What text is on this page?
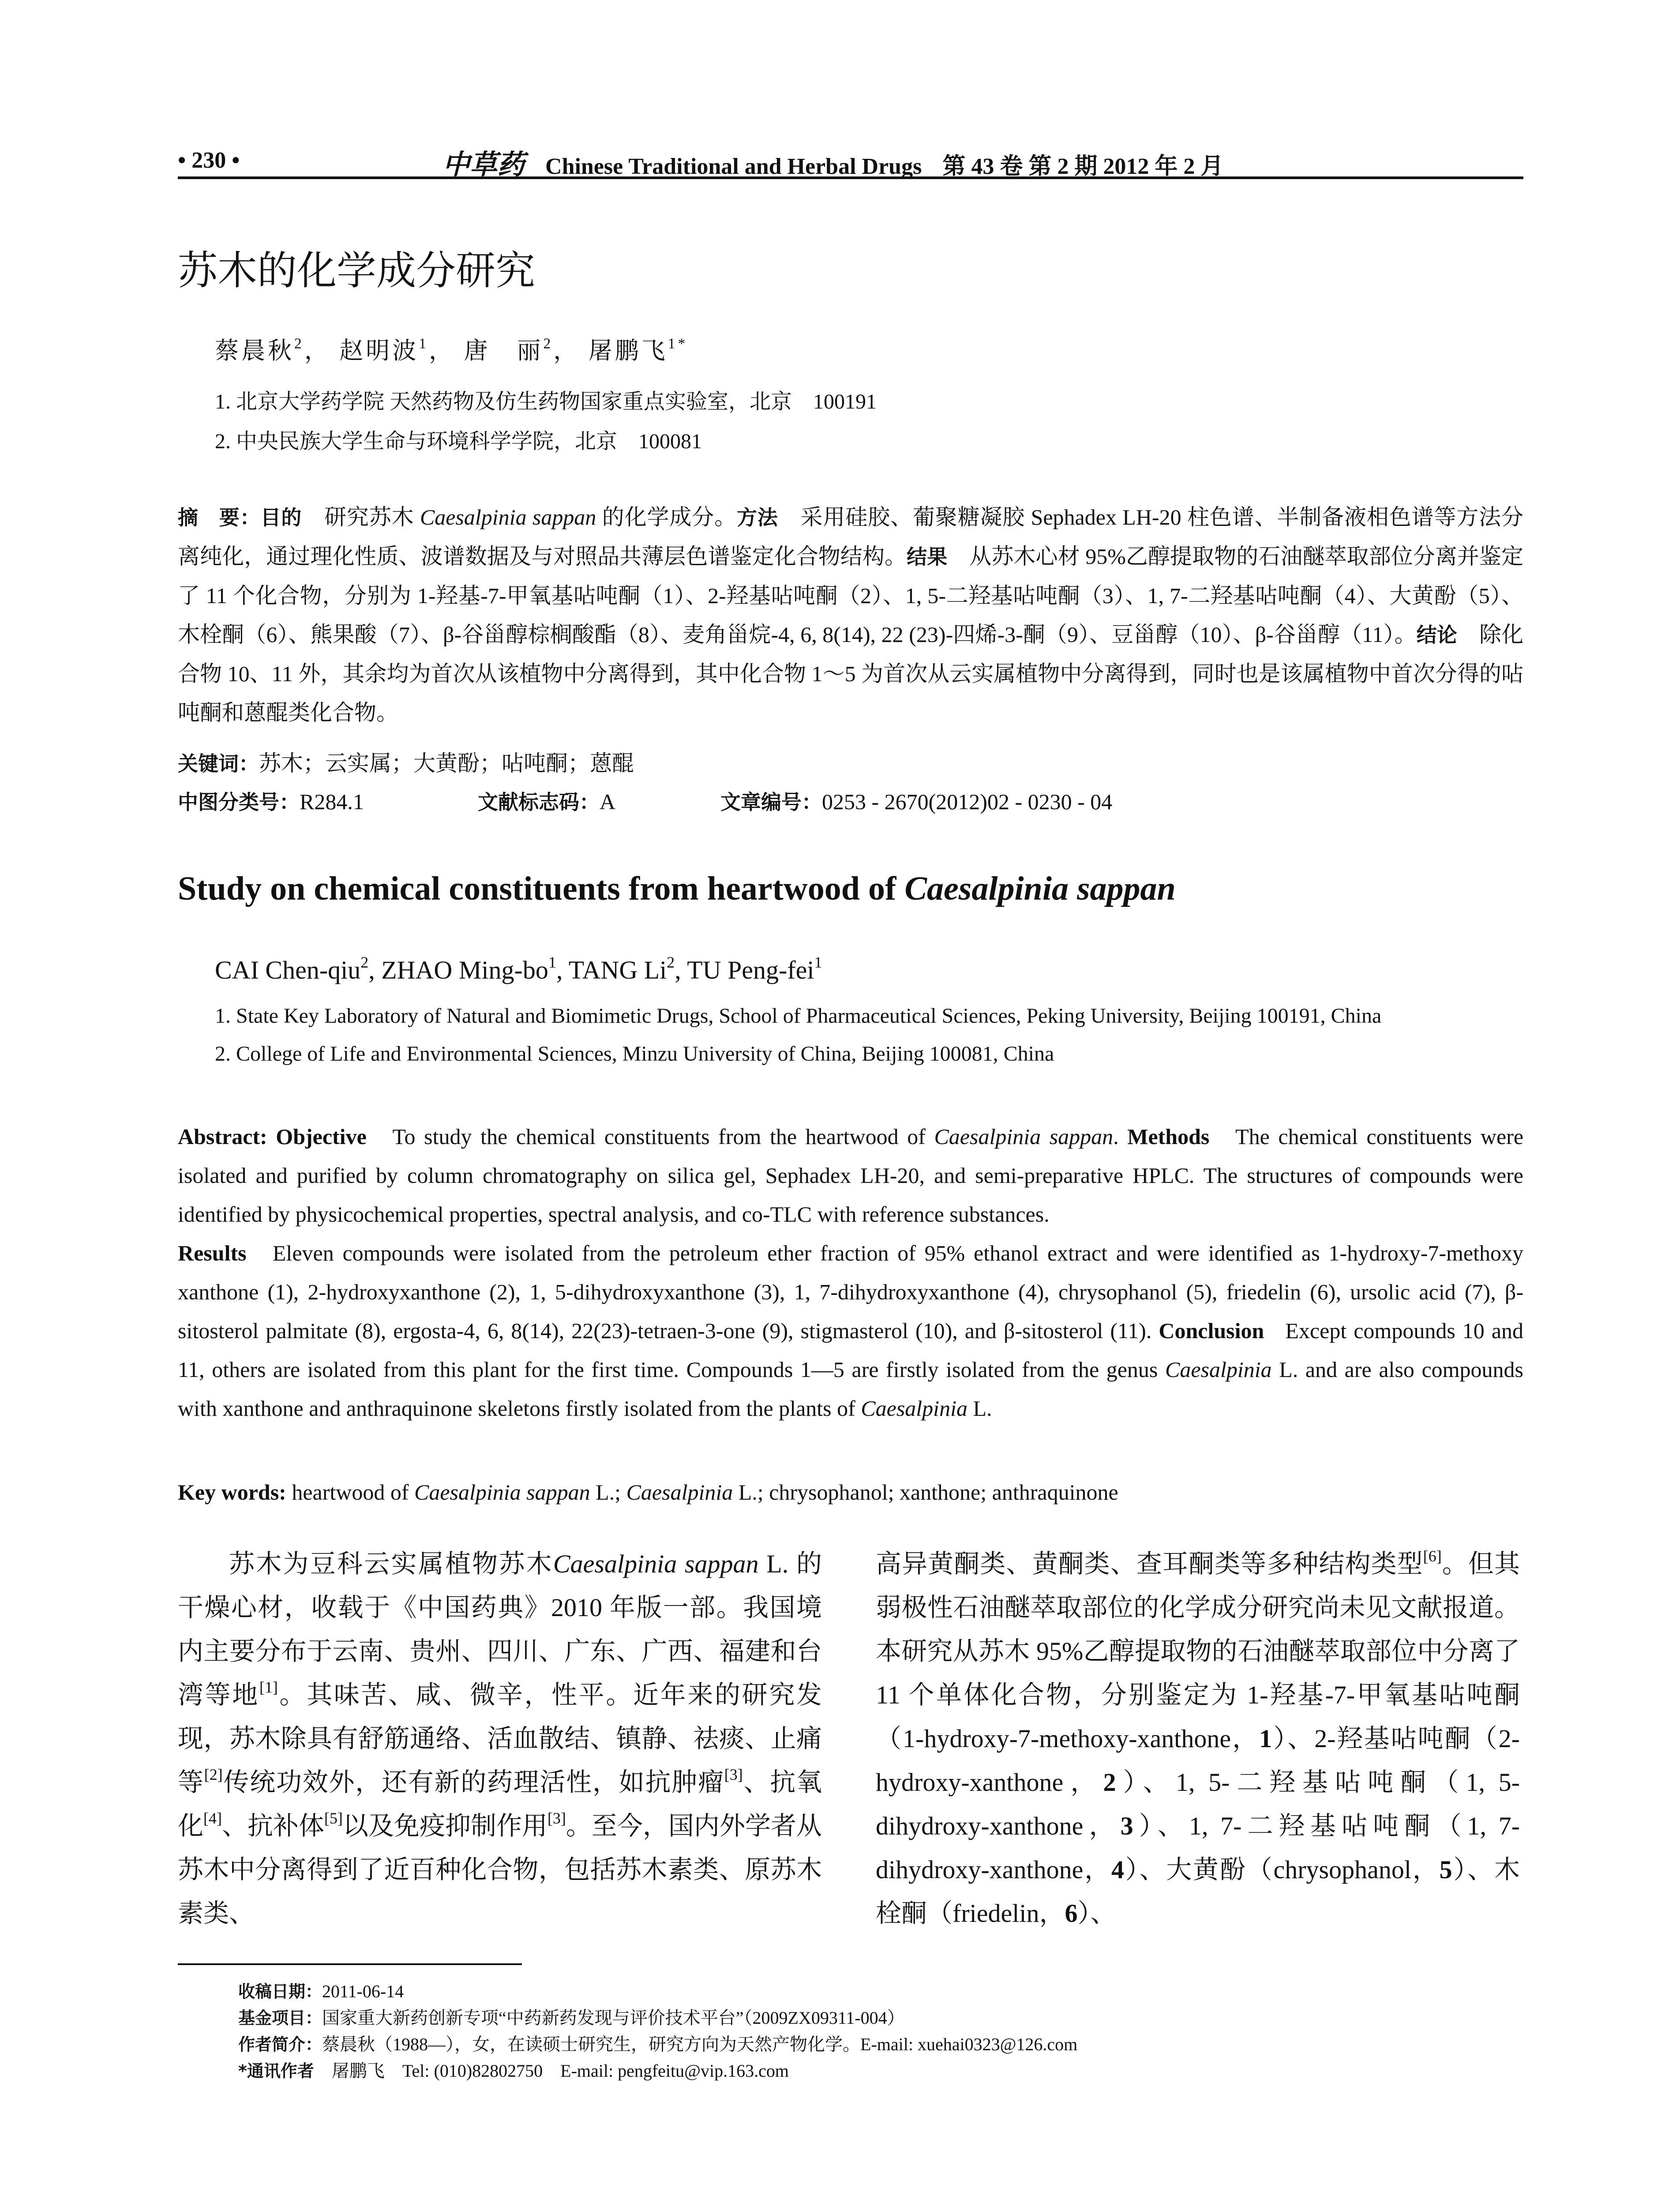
• 230 •	中草药 Chinese Traditional and Herbal Drugs 第 43 卷 第 2 期 2012 年 2 月
苏木的化学成分研究
蔡晨秋$^2$， 赵明波$^1$， 唐　丽$^2$， 屠鹏飞$^{1*}$
1. 北京大学药学院 天然药物及仿生药物国家重点实验室，北京　100191
2. 中央民族大学生命与环境科学学院，北京　100081
摘　要：目的　研究苏木 Caesalpinia sappan 的化学成分。方法　采用硅胶、葡聚糖凝胶 Sephadex LH-20 柱色谱、半制备液相色谱等方法分离纯化，通过理化性质、波谱数据及与对照品共薄层色谱鉴定化合物结构。结果　从苏木心材 95%乙醇提取物的石油醚萃取部位分离并鉴定了 11 个化合物，分别为 1-羟基-7-甲氧基呫吨酮（1）、2-羟基呫吨酮（2）、1, 5-二羟基呫吨酮（3）、1, 7-二羟基呫吨酮（4）、大黄酚（5）、木栓酮（6）、熊果酸（7）、β-谷甾醇棕榈酸酯（8）、麦角甾烷-4, 6, 8(14), 22 (23)-四烯-3-酮（9）、豆甾醇（10）、β-谷甾醇（11）。结论　除化合物 10、11 外，其余均为首次从该植物中分离得到，其中化合物 1～5 为首次从云实属植物中分离得到，同时也是该属植物中首次分得的呫吨酮和蒽醌类化合物。
关键词：苏木；云实属；大黄酚；呫吨酮；蒽醌
中图分类号：R284.1	文献标志码：A	文章编号：0253 - 2670(2012)02 - 0230 - 04
Study on chemical constituents from heartwood of Caesalpinia sappan
CAI Chen-qiu$^2$, ZHAO Ming-$bo^1$, TANG Li$^2$, TU Peng-fei$^1$
1. State Key Laboratory of Natural and Biomimetic Drugs, School of Pharmaceutical Sciences, Peking University, Beijing 100191, China
2. College of Life and Environmental Sciences, Minzu University of China, Beijing 100081, China
Abstract: Objective To study the chemical constituents from the heartwood of Caesalpinia sappan. Methods The chemical constituents were isolated and purified by column chromatography on silica gel, Sephadex LH-20, and semi-preparative HPLC. The structures of compounds were identified by physicochemical properties, spectral analysis, and co-TLC with reference substances.
Results Eleven compounds were isolated from the petroleum ether fraction of 95% ethanol extract and were identified as 1-hydroxy-7-methoxy xanthone (1), 2-hydroxyxanthone (2), 1, 5-dihydroxyxanthone (3), 1, 7-dihydroxyxanthone (4), chrysophanol (5), friedelin (6), ursolic acid (7), β-sitosterol palmitate (8), ergosta-4, 6, 8(14), 22(23)-tetraen-3-one (9), stigmasterol (10), and β-sitosterol (11). Conclusion Except compounds 10 and 11, others are isolated from this plant for the first time. Compounds 1—5 are firstly isolated from the genus Caesalpinia L. and are also compounds with xanthone and anthraquinone skeletons firstly isolated from the plants of Caesalpinia L.
Key words: heartwood of Caesalpinia sappan L.; Caesalpinia L.; chrysophanol; xanthone; anthraquinone
苏木为豆科云实属植物苏木Caesalpinia sappan L. 的干燥心材，收载于《中国药典》2010 年版一部。我国境内主要分布于云南、贵州、四川、广东、广西、福建和台湾等地[1]。其味苦、咸、微辛，性平。近年来的研究发现，苏木除具有舒筋通络、活血散结、镇静、祛痰、止痛等[2]传统功效外，还有新的药理活性，如抗肿瘤[3]、抗氧化[4]、抗补体[5]以及免疫抑制作用[3]。至今，国内外学者从苏木中分离得到了近百种化合物，包括苏木素类、原苏木素类、
高异黄酮类、黄酮类、查耳酮类等多种结构类型[6]。但其弱极性石油醚萃取部位的化学成分研究尚未见文献报道。本研究从苏木 95%乙醇提取物的石油醚萃取部位中分离了 11 个单体化合物，分别鉴定为 1-羟基-7-甲氧基呫吨酮（1-hydroxy-7-methoxy-xanthone，1）、2-羟基呫吨酮（2-hydroxy-xanthone，2）、1, 5-二羟基呫吨酮（1, 5-dihydroxy-xanthone，3）、1, 7-二羟基呫吨酮（1, 7-dihydroxy-xanthone，4）、大黄酚（chrysophanol，5）、木栓酮（friedelin，6）、
收稿日期：2011-06-14
基金项目：国家重大新药创新专项“中药新药发现与评价技术平台”（2009ZX09311-004）
作者简介：蔡晨秋（1988—），女，在读硕士研究生，研究方向为天然产物化学。E-mail: xuehai0323@126.com
*通讯作者　屠鹏飞　Tel: (010)82802750　E-mail: pengfeitu@vip.163.com
